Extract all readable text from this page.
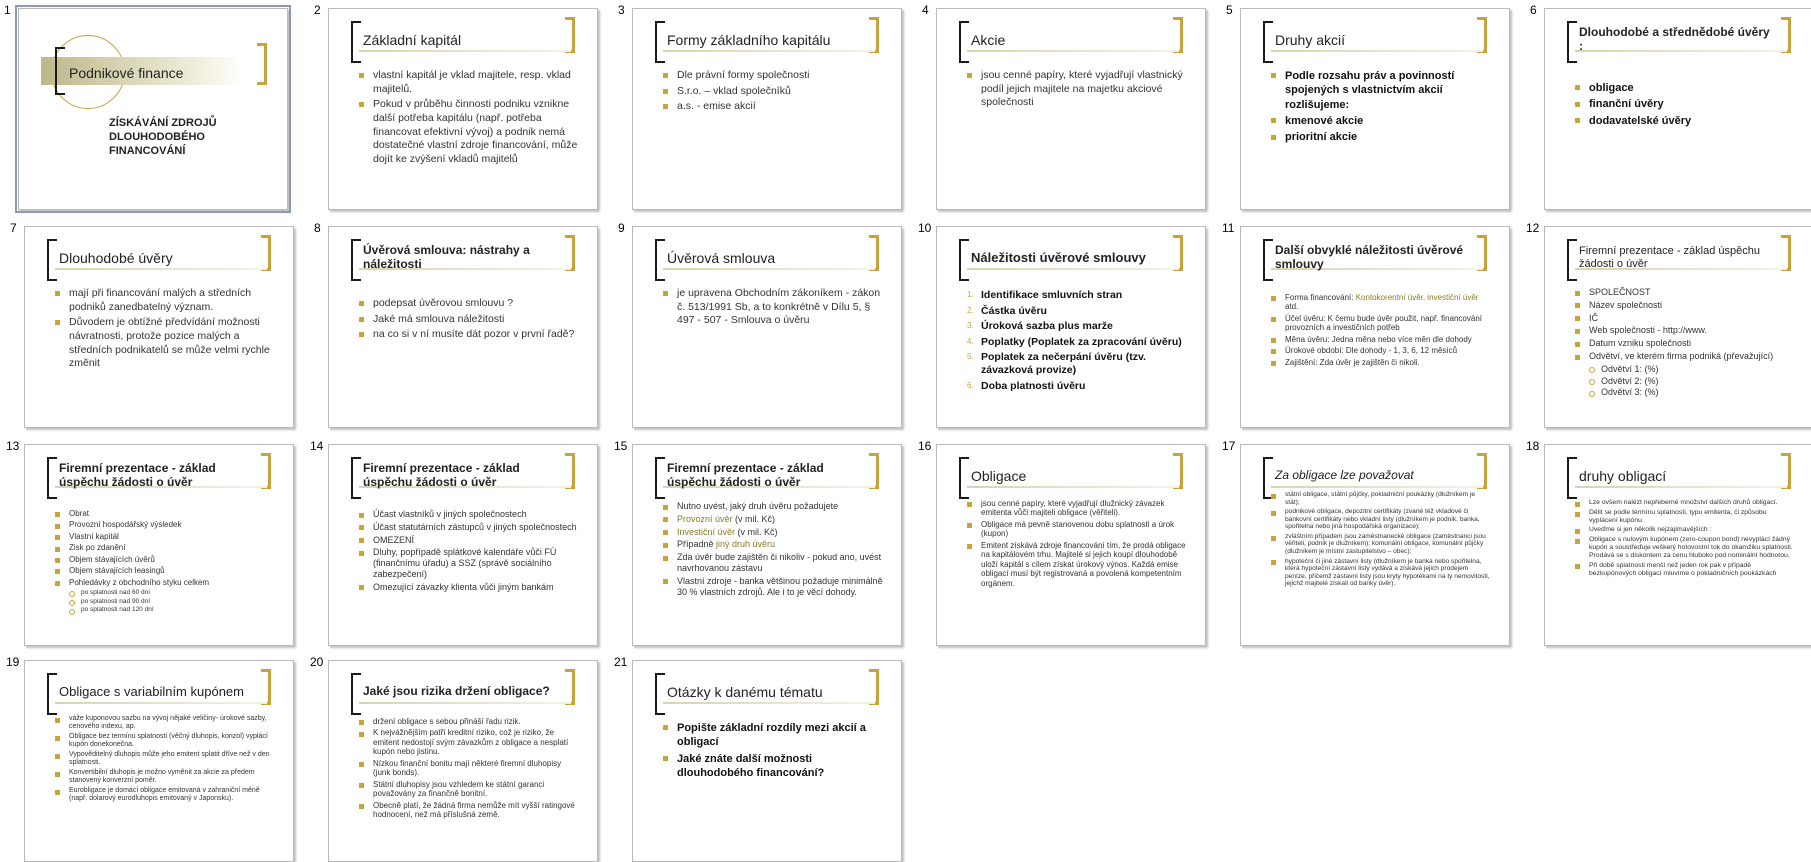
1
Podnikové finance
ZÍSKÁVÁNÍ ZDROJŮ DLOUHODOBÉHO FINANCOVÁNÍ
2
Základní kapitál
vlastní kapitál je vklad majitele, resp. vklad majitelů.
Pokud v průběhu činnosti podniku vznikne další potřeba kapitálu (např. potřeba financovat efektivní vývoj) a podnik nemá dostatečné vlastní zdroje financování, může dojít ke zvýšení vkladů majitelů
3
Formy základního kapitálu
Dle právní formy společnosti
S.r.o. – vklad společníků
a.s. - emise akcií
4
Akcie
jsou cenné papíry, které vyjadřují vlastnický podíl jejich majitele na majetku akciové společnosti
5
Druhy akcií
Podle rozsahu práv a povinností spojených s vlastnictvím akcií rozlišujeme:
kmenové akcie
prioritní akcie
6
Dlouhodobé a střednědobé úvěry :
obligace
finanční úvěry
dodavatelské úvěry
7
Dlouhodobé úvěry
mají při financování malých a středních podniků zanedbatelný význam.
Důvodem je obtížné předvídání možnosti návratnosti, protože pozice malých a středních podnikatelů se může velmi rychle změnit
8
Úvěrová smlouva: nástrahy a náležitosti
podepsat úvěrovou smlouvu ?
Jaké má smlouva náležitosti
na co si v ní musíte dát pozor v první řadě?
9
Úvěrová smlouva
je upravena Obchodním zákoníkem - zákon č. 513/1991 Sb, a to konkrétně v Dílu 5, § 497 - 507 - Smlouva o úvěru
10
Náležitosti úvěrové smlouvy
1. Identifikace smluvních stran
2. Částka úvěru
3. Úroková sazba plus marže
4. Poplatky (Poplatek za zpracování úvěru)
5. Poplatek za nečerpání úvěru (tzv. závazková provize)
6. Doba platnosti úvěru
11
Další obvyklé náležitosti úvěrové smlouvy
Forma financování: Kontokorentní úvěr, investiční úvěr atd.
Účel úvěru: K čemu bude úvěr použit, např. financování provozních a investičních potřeb
Měna úvěru: Jedna měna nebo více měn dle dohody
Úrokové období: Dle dohody - 1, 3, 6, 12 měsíců
Zajištění: Zda úvěr je zajištěn či nikoli.
12
Firemní prezentace - základ úspěchu žádosti o úvěr
SPOLEČNOST
Název společnosti
IČ
Web společnosti - http://www.
Datum vzniku společnosti
Odvětví, ve kterém firma podniká (převažující)
Odvětví 1: (%)
Odvětví 2: (%)
Odvětví 3: (%)
13
Firemní prezentace - základ úspěchu žádosti o úvěr
Obrat
Provozní hospodářský výsledek
Vlastní kapitál
Zisk po zdanění
Objem stávajících úvěrů
Objem stávajících leasingů
Pohledávky z obchodního styku celkem
po splatnosti nad 60 dní
po splatnosti nad 90 dní
po splatnosti nad 120 dní
14
Firemní prezentace - základ úspěchu žádosti o úvěr
Účast vlastníků v jiných společnostech
Účast statutárních zástupců v jiných společnostech
OMEZENÍ
Dluhy, popřípadě splátkové kalendáře vůči FÚ (finančnímu úřadu) a SSZ (správě sociálního zabezpečení)
Omezující závazky klienta vůči jiným bankám
15
Firemní prezentace - základ úspěchu žádosti o úvěr
Nutno uvést, jaký druh úvěru požadujete
Provozní úvěr (v mil. Kč)
Investiční úvěr (v mil. Kč)
Případně jiný druh úvěru
Zda úvěr bude zajištěn či nikoliv - pokud ano, uvést navrhovanou zástavu
Vlastní zdroje - banka většinou požaduje minimálně 30 % vlastních zdrojů. Ale i to je věcí dohody.
16
Obligace
jsou cenné papíry, které vyjadřují dlužnický závazek emitenta vůči majiteli obligace (věřiteli).
Obligace má pevně stanovenou dobu splatnosti a úrok (kupon)
Emitent získává zdroje financování tím, že prodá obligace na kapitálovém trhu. Majitelé si jejich koupí dlouhodobě uloží kapitál s cílem získat úrokový výnos. Každá emise obligací musí být registrovaná a povolená kompetentním orgánem.
17
Za obligace lze považovat
státní obligace, státní půjčky, pokladniční poukázky (dlužníkem je stát);
podnikové obligace, depozitní certifikáty (zvané též vkladové či bankovní certifikáty nebo vkladní listy (dlužníkem je podnik, banka, spořitelna nebo jiná hospodářská organizace);
zvláštním případem jsou zaměstnanecké obligace (zaměstnanci jsou věřiteli, podnik je dlužníkem); komunální obligace, komunální půjčky (dlužníkem je místní zastupitelstvo – obec);
hypoteční či jiné zástavní listy (dlužníkem je banka nebo spořitelna, která hypoteční zástavní listy vydává a získává jejich prodejem peníze, přičemž zástavní listy jsou kryty hypotékami na ty nemovitosti, jejichž majitelé získali od banky úvěr).
18
druhy obligací
Lze ovšem nalézt nepřeberné množství dalších druhů obligací.
Dělit se podle termínu splatnosti, typu emitenta, či způsobu vyplácení kupónu.
Uveďme si jen několik nejzajímavějších :
Obligace s nulovým kupónem (zero-coupon bond) nevyplácí žádný kupón a soustřeďuje veškerý hotovostní tok do okamžiku splatnosti. Prodává se s diskontem za cenu hluboko pod nominální hodnotou.
Při době splatnosti menší než jeden rok pak v případě bezkupónových obligací mluvíme o pokladničních poukázkách
19
Obligace s variabilním kupónem
váže kuponovou sazbu na vývoj nějaké veličiny- úrokové sazby, cenového indexu, ap.
Obligace bez termínu splatnosti (věčný dluhopis, konzol) vyplácí kupón donekonečna.
Vypověditelný dluhopis může jeho emitent splatit dříve než v den splatnosti.
Konvertibilní dluhopis je možno vyměnit za akcie za předem stanovený konverzní poměr.
Eurobligace je domácí obligace emitovaná v zahraniční měně (např. dolarový eurodluhopis emitovaný v Japonsku).
20
Jaké jsou rizika držení obligace?
držení obligace s sebou přináší řadu rizik.
K nejvážnějším patří kreditní riziko, což je riziko, že emitent nedostojí svým závazkům z obligace a nesplatí kupón nebo jistinu.
Nízkou finanční bonitu mají některé firemní dluhopisy (junk bonds).
Státní dluhopisy jsou vzhledem ke státní garanci považovány za finančně bonitní.
Obecně platí, že žádná firma nemůže mít vyšší ratingové hodnocení, než má příslušná země.
21
Otázky k danému tématu
Popište základní rozdíly mezi akcií a obligací
Jaké znáte další možnosti dlouhodobého financování?
